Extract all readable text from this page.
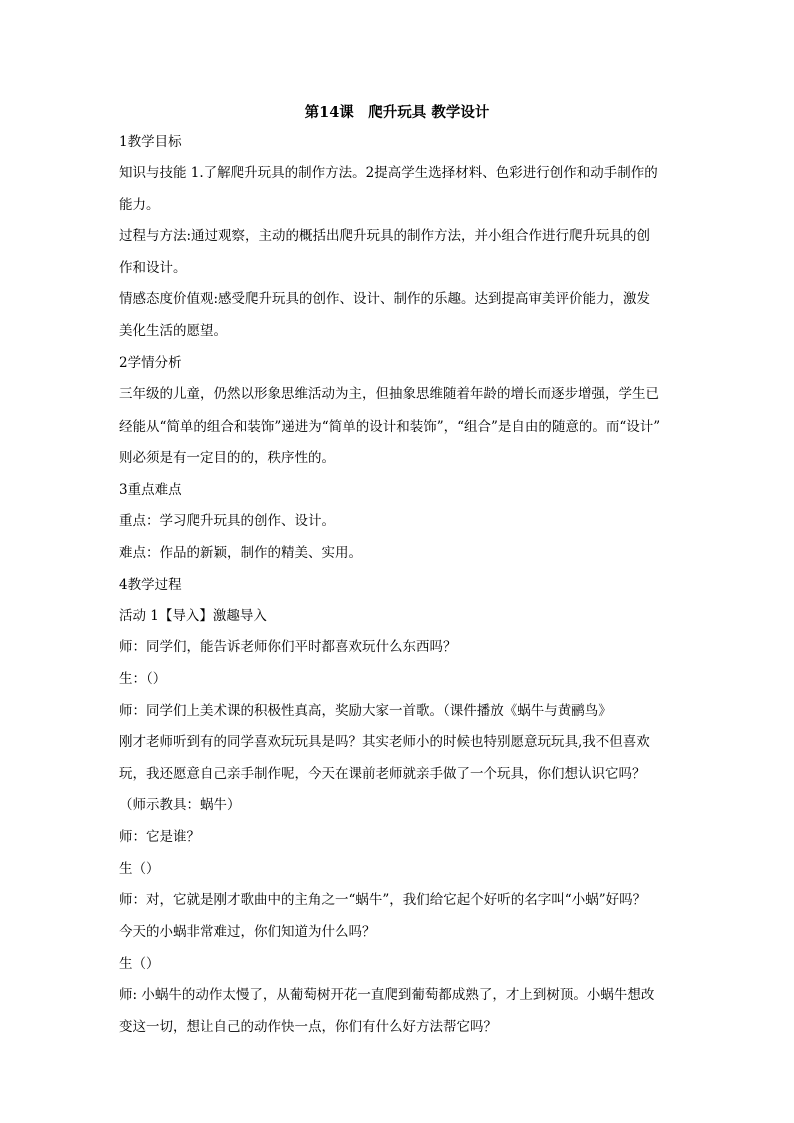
第14课　爬升玩具 教学设计
1教学目标
知识与技能 1.了解爬升玩具的制作方法。2提高学生选择材料、色彩进行创作和动手制作的
能力。
过程与方法:通过观察，主动的概括出爬升玩具的制作方法，并小组合作进行爬升玩具的创
作和设计。
情感态度价值观:感受爬升玩具的创作、设计、制作的乐趣。达到提高审美评价能力，激发
美化生活的愿望。
2学情分析
三年级的儿童，仍然以形象思维活动为主，但抽象思维随着年龄的增长而逐步增强，学生已
经能从“简单的组合和装饰”递进为“简单的设计和装饰”，“组合”是自由的随意的。而“设计”
则必须是有一定目的的，秩序性的。
3重点难点
重点：学习爬升玩具的创作、设计。
难点：作品的新颖，制作的精美、实用。
4教学过程
活动 1【导入】激趣导入
师：同学们，能告诉老师你们平时都喜欢玩什么东西吗？
生：（）
师：同学们上美术课的积极性真高，奖励大家一首歌。（课件播放《蜗牛与黄鹂鸟》
刚才老师听到有的同学喜欢玩玩具是吗？其实老师小的时候也特别愿意玩玩具,我不但喜欢
玩，我还愿意自己亲手制作呢，今天在课前老师就亲手做了一个玩具，你们想认识它吗？
（师示教具：蜗牛）
师：它是谁？
生（）
师：对，它就是刚才歌曲中的主角之一“蜗牛”，我们给它起个好听的名字叫“小蜗”好吗？
今天的小蜗非常难过，你们知道为什么吗？
生（）
师: 小蜗牛的动作太慢了，从葡萄树开花一直爬到葡萄都成熟了，才上到树顶。小蜗牛想改
变这一切，想让自己的动作快一点，你们有什么好方法帮它吗？
